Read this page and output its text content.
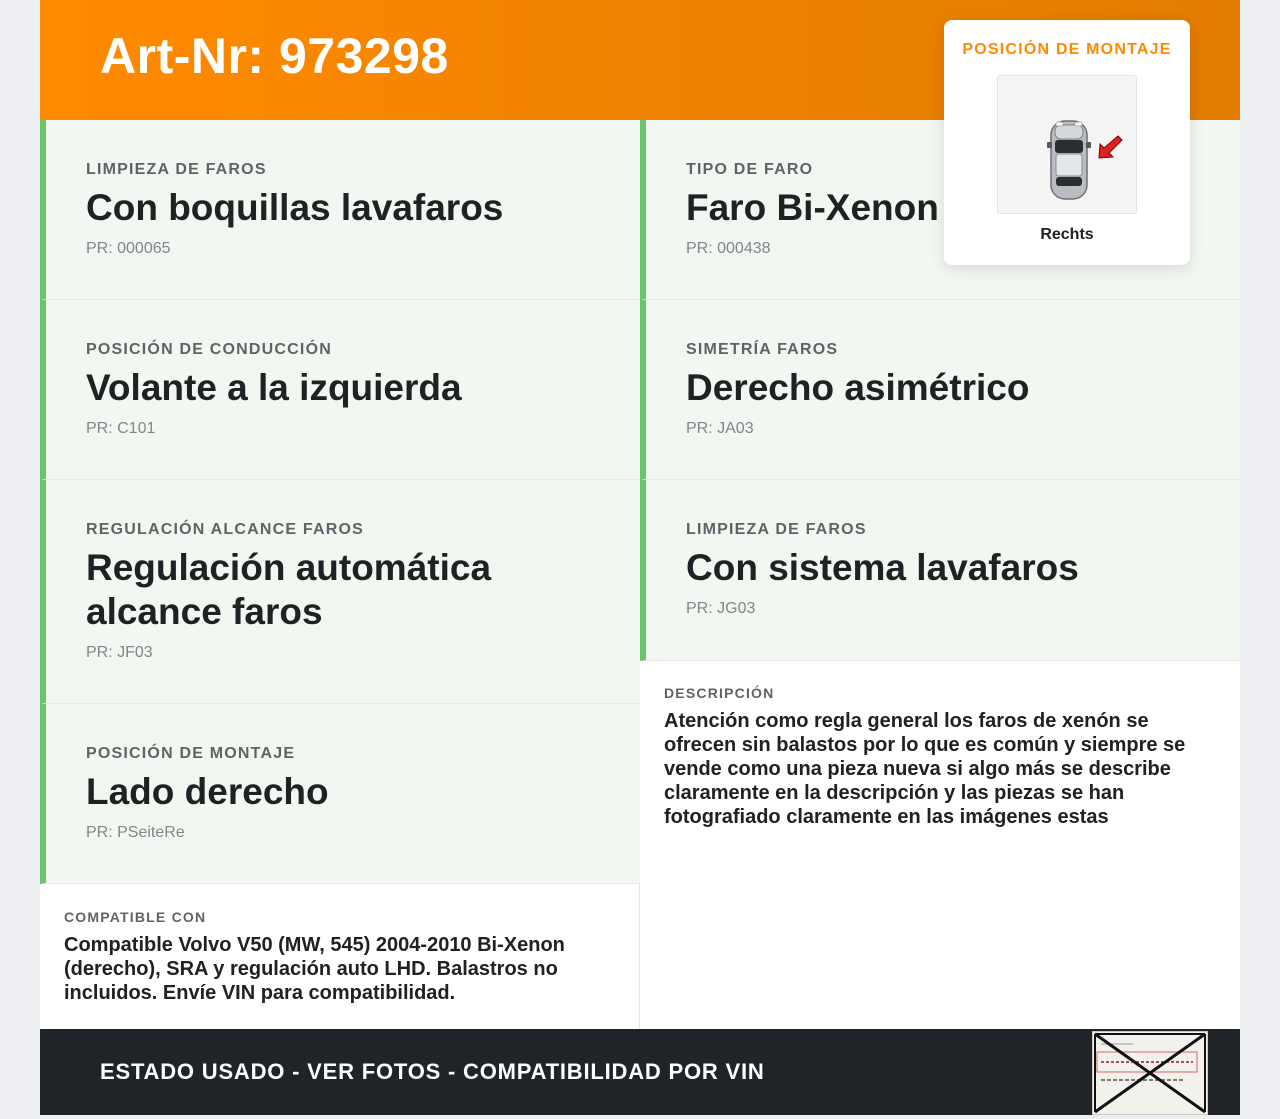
Art-Nr: 973298
LIMPIEZA DE FAROS
Con boquillas lavafaros
PR: 000065
TIPO DE FARO
Faro Bi-Xenon
PR: 000438
POSICIÓN DE CONDUCCIÓN
Volante a la izquierda
PR: C101
SIMETRÍA FAROS
Derecho asimétrico
PR: JA03
REGULACIÓN ALCANCE FAROS
Regulación automática alcance faros
PR: JF03
LIMPIEZA DE FAROS
Con sistema lavafaros
PR: JG03
POSICIÓN DE MONTAJE
Lado derecho
PR: PSeiteRe
DESCRIPCIÓN
Atención como regla general los faros de xenón se ofrecen sin balastos por lo que es común y siempre se vende como una pieza nueva si algo más se describe claramente en la descripción y las piezas se han fotografiado claramente en las imágenes estas
COMPATIBLE CON
Compatible Volvo V50 (MW, 545) 2004-2010 Bi-Xenon (derecho), SRA y regulación auto LHD. Balastros no incluidos. Envíe VIN para compatibilidad.
ESTADO USADO - VER FOTOS - COMPATIBILIDAD POR VIN
POSICIÓN DE MONTAJE
Rechts
